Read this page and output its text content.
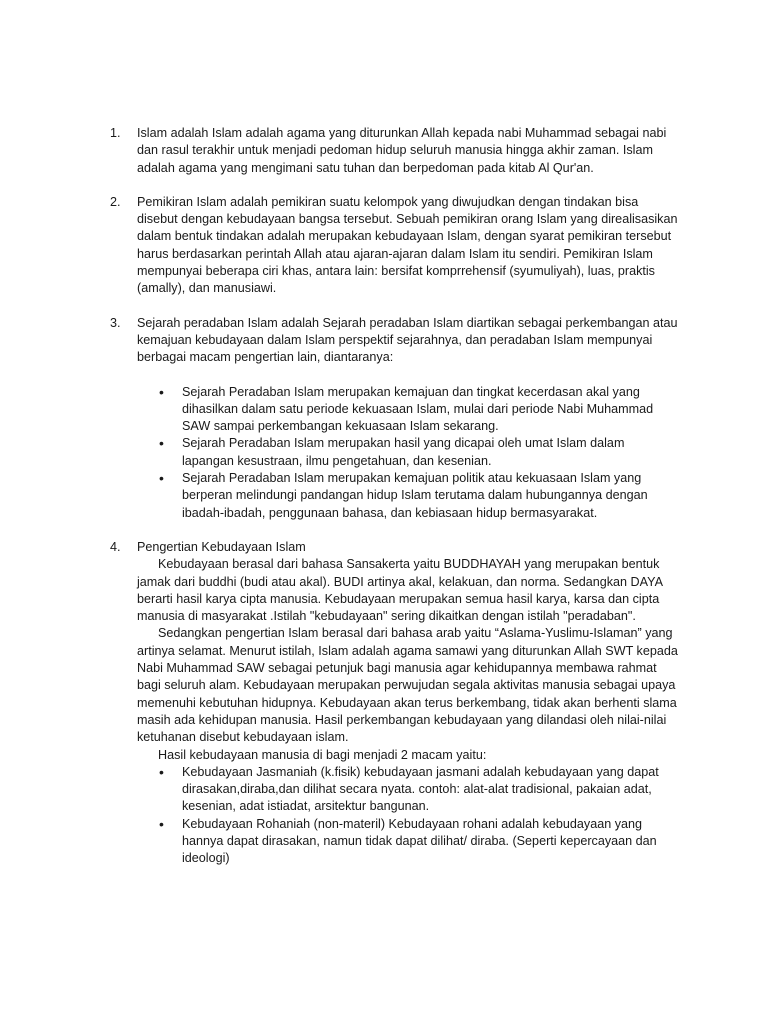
1.	Islam adalah Islam adalah agama yang diturunkan Allah kepada nabi Muhammad sebagai nabi dan rasul terakhir untuk menjadi pedoman hidup seluruh manusia hingga akhir zaman. Islam adalah agama yang mengimani satu tuhan dan berpedoman pada kitab Al Qur'an.

2.	Pemikiran Islam adalah pemikiran suatu kelompok yang diwujudkan dengan tindakan bisa disebut dengan kebudayaan bangsa tersebut. Sebuah pemikiran orang Islam yang direalisasikan dalam bentuk tindakan adalah merupakan kebudayaan Islam, dengan syarat pemikiran tersebut harus berdasarkan perintah Allah atau ajaran-ajaran dalam Islam itu sendiri. Pemikiran Islam mempunyai beberapa ciri khas, antara lain: bersifat komprrehensif (syumuliyah), luas, praktis (amally), dan manusiawi.

3.	Sejarah peradaban Islam adalah Sejarah peradaban Islam diartikan sebagai perkembangan atau kemajuan kebudayaan dalam Islam perspektif sejarahnya, dan peradaban Islam mempunyai berbagai macam pengertian lain, diantaranya:

•
Sejarah Peradaban Islam merupakan kemajuan dan tingkat kecerdasan akal yang dihasilkan dalam satu periode kekuasaan Islam, mulai dari periode Nabi Muhammad SAW sampai perkembangan kekuasaan Islam sekarang.
•
Sejarah Peradaban Islam merupakan hasil yang dicapai oleh umat Islam dalam lapangan kesustraan, ilmu pengetahuan, dan kesenian.
•
Sejarah Peradaban Islam merupakan kemajuan politik atau kekuasaan Islam yang berperan melindungi pandangan hidup Islam terutama dalam hubungannya dengan ibadah-ibadah, penggunaan bahasa, dan kebiasaan hidup bermasyarakat.
4.	Pengertian Kebudayaan Islam

Kebudayaan berasal dari bahasa Sansakerta yaitu BUDDHAYAH yang merupakan bentuk jamak dari buddhi (budi atau akal). BUDI artinya akal, kelakuan, dan norma. Sedangkan DAYA berarti hasil karya cipta manusia. Kebudayaan merupakan semua hasil karya, karsa dan cipta manusia di masyarakat .Istilah "kebudayaan" sering dikaitkan dengan istilah "peradaban".

Sedangkan pengertian Islam berasal dari bahasa arab yaitu “Aslama-Yuslimu-Islaman” yang artinya selamat. Menurut istilah, Islam adalah agama samawi yang diturunkan Allah SWT kepada Nabi Muhammad SAW sebagai petunjuk bagi manusia agar kehidupannya membawa rahmat bagi seluruh alam. Kebudayaan merupakan perwujudan segala aktivitas manusia sebagai upaya memenuhi kebutuhan hidupnya. Kebudayaan akan terus berkembang, tidak akan berhenti slama masih ada kehidupan manusia. Hasil perkembangan kebudayaan yang dilandasi oleh nilai-nilai ketuhanan disebut kebudayaan islam.

Hasil kebudayaan manusia di bagi menjadi 2 macam yaitu:

•
Kebudayaan Jasmaniah (k.fisik) kebudayaan jasmani adalah kebudayaan yang dapat dirasakan,diraba,dan dilihat secara nyata. contoh: alat-alat tradisional, pakaian adat, kesenian, adat istiadat, arsitektur bangunan.
•
Kebudayaan Rohaniah (non-materil) Kebudayaan rohani adalah kebudayaan yang hannya dapat dirasakan, namun tidak dapat dilihat/ diraba. (Seperti kepercayaan dan ideologi)
